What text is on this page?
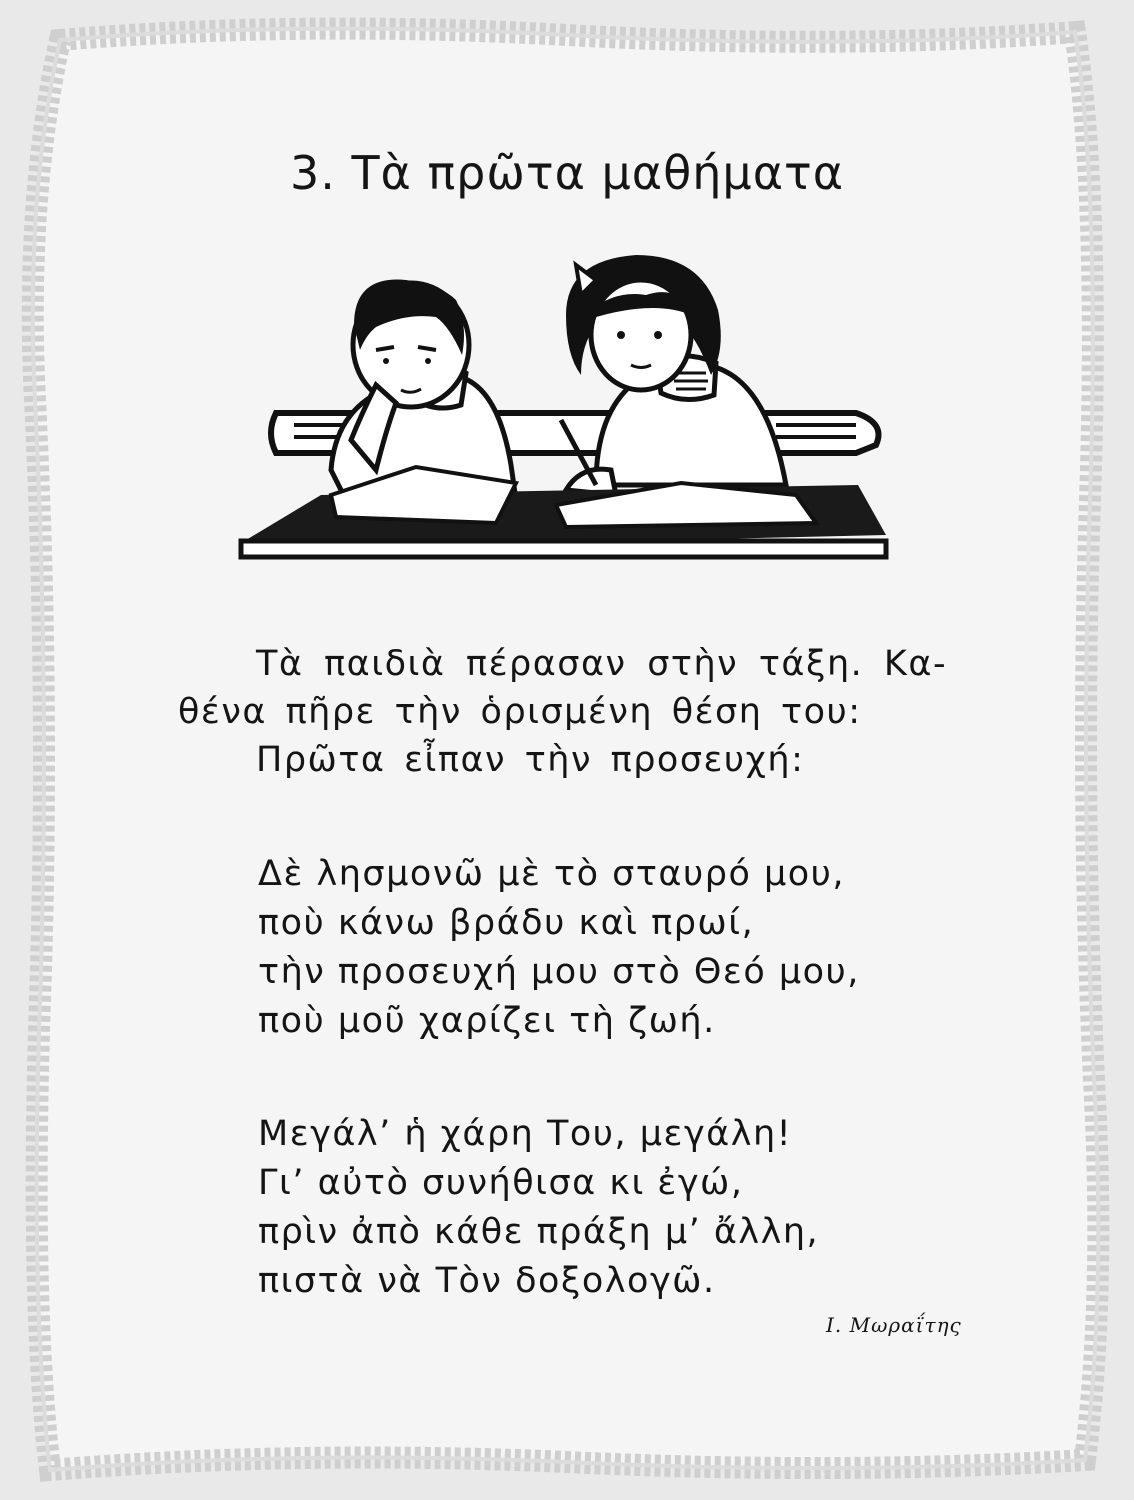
3. Τὰ πρῶτα μαθήματα
Τὰ παιδιὰ πέρασαν στὴν τάξη. Κα-
θένα πῆρε τὴν ὁρισμένη θέση του:
Πρῶτα εἶπαν τὴν προσευχή:
Δὲ λησμονῶ μὲ τὸ σταυρό μου,
ποὺ κάνω βράδυ καὶ πρωί,
τὴν προσευχή μου στὸ Θεό μου,
ποὺ μοῦ χαρίζει τὴ ζωή.
Μεγάλ’ ἡ χάρη Του, μεγάλη!
Γι’ αὐτὸ συνήθισα κι ἐγώ,
πρὶν ἀπὸ κάθε πράξη μ’ ἄλλη,
πιστὰ νὰ Τὸν δοξολογῶ.
Ι. Μωραΐτης
